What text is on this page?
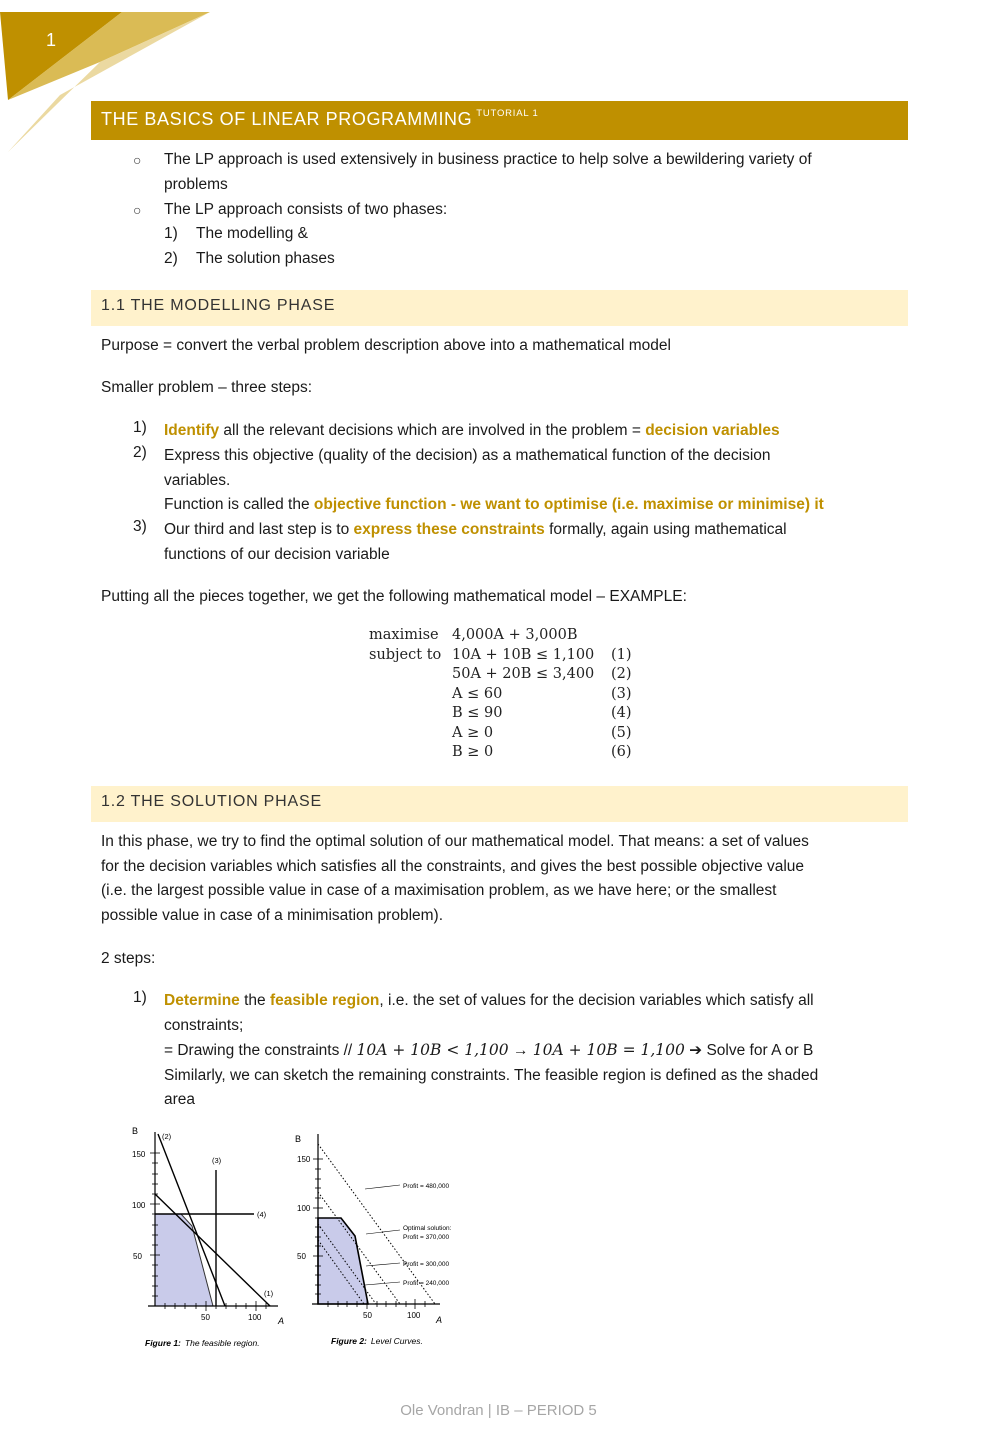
1
THE BASICS OF LINEAR PROGRAMMING $^{TUTORIAL 1}$
○ The LP approach is used extensively in business practice to help solve a bewildering variety of
problems
○ The LP approach consists of two phases:
1) The modelling &
2) The solution phases
1.1 THE MODELLING PHASE
Purpose = convert the verbal problem description above into a mathematical model
Smaller problem – three steps:
1) Identify all the relevant decisions which are involved in the problem = decision variables
2) Express this objective (quality of the decision) as a mathematical function of the decision
variables.
Function is called the objective function - we want to optimise (i.e. maximise or minimise) it
3) Our third and last step is to express these constraints formally, again using mathematical
functions of our decision variable
Putting all the pieces together, we get the following mathematical model – EXAMPLE:
maximise 4,000A + 3,000B
subject to 10A + 10B ≤ 1,100 (1)
50A + 20B ≤ 3,400 (2)
A ≤ 60	(3)
B ≤ 90	(4)
A ≥ 0	(5)
B ≥ 0	(6)
1.2 THE SOLUTION PHASE
In this phase, we try to find the optimal solution of our mathematical model. That means: a set of values
for the decision variables which satisfies all the constraints, and gives the best possible objective value
(i.e. the largest possible value in case of a maximisation problem, as we have here; or the smallest
possible value in case of a minimisation problem).
2 steps:
1) Determine the feasible region, i.e. the set of values for the decision variables which satisfy all
constraints;
= Drawing the constraints // 10A + 10B < 1,100 → 10A + 10B = 1,100 ➔ Solve for A or B
Similarly, we can sketch the remaining constraints. The feasible region is defined as the shaded
area
B
A
50
100
150
50	100
(2)
(3)
(4)
(1)
Figure 1: The feasible region.
B
A
50
100
150
50	100
Profit = 480,000
Optimal solution:
Profit = 370,000
Profit = 300,000
Profit = 240,000
Figure 2: Level Curves.
Ole Vondran | IB – PERIOD 5
